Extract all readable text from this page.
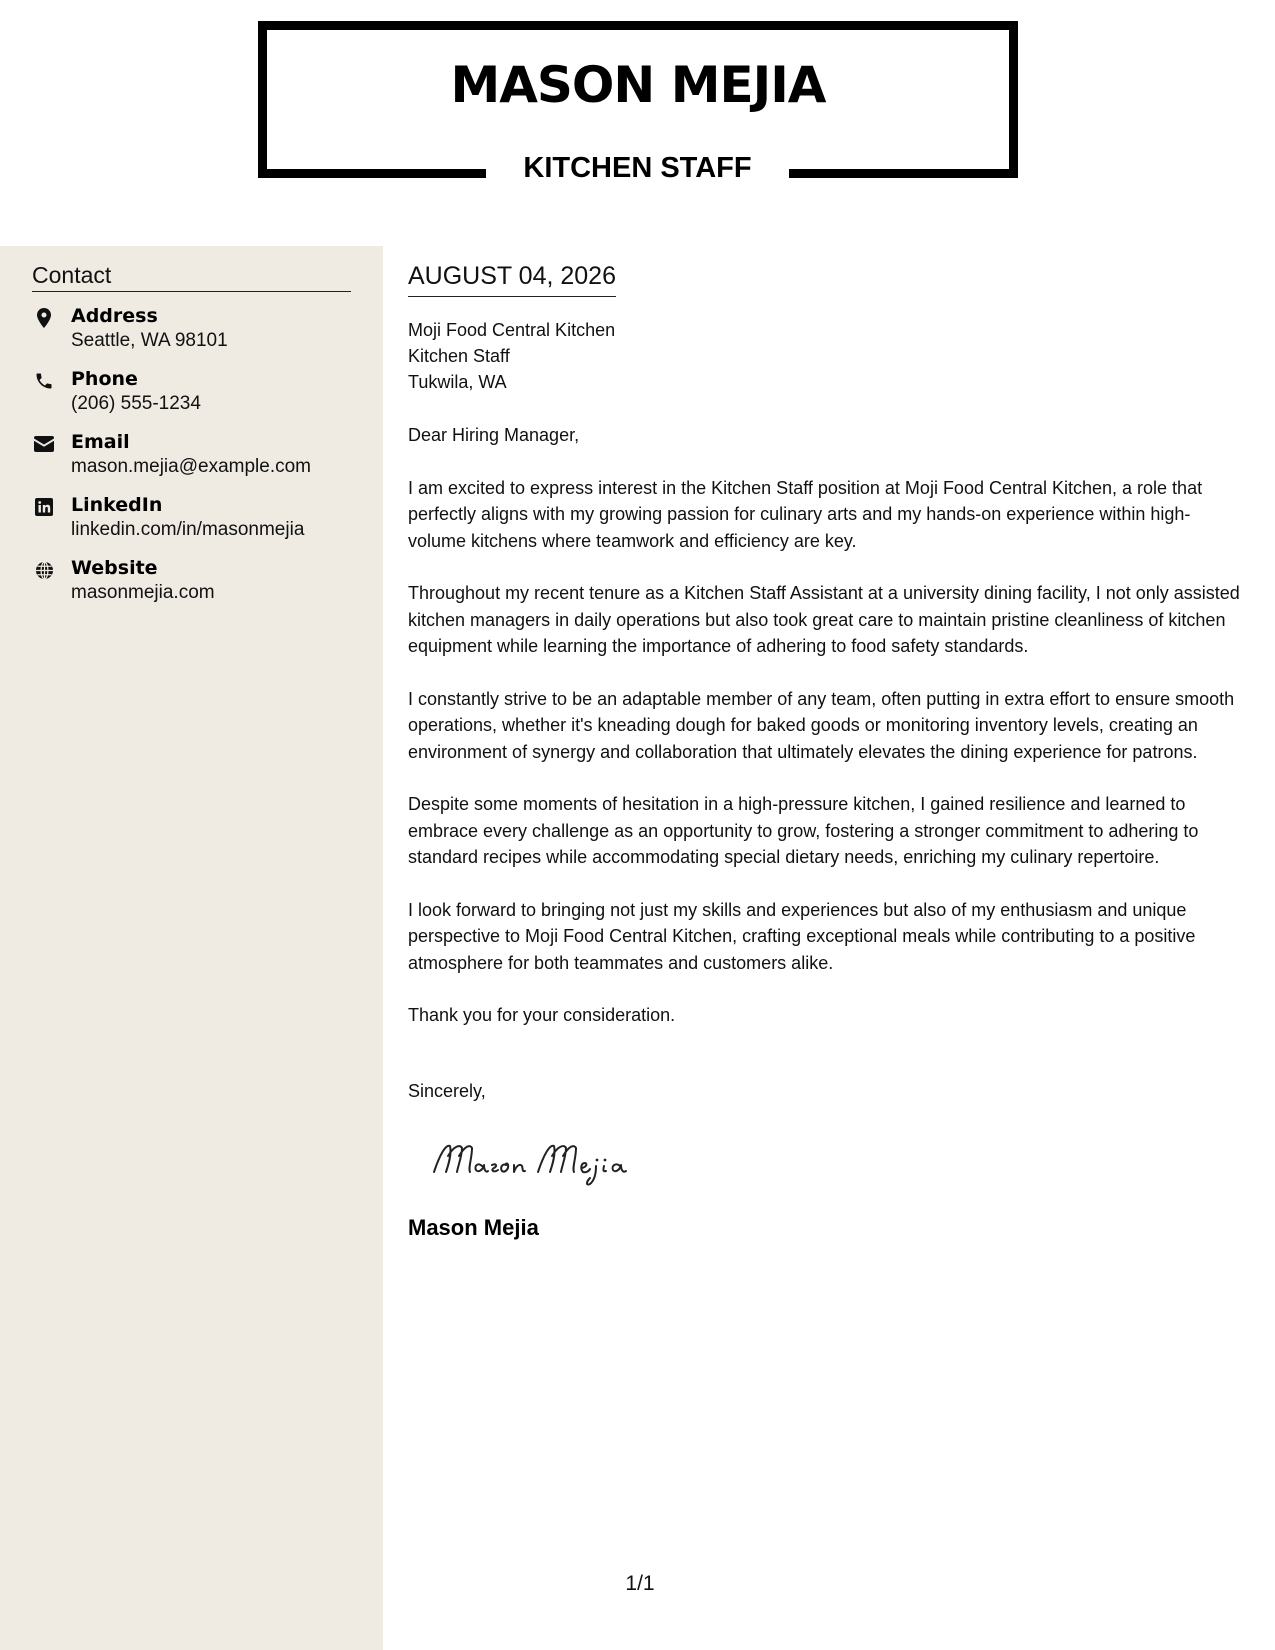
MASON MEJIA
KITCHEN STAFF
Contact
Address
Seattle, WA 98101
Phone
(206) 555-1234
Email
mason.mejia@example.com
LinkedIn
linkedin.com/in/masonmejia
Website
masonmejia.com
AUGUST 04, 2026
Moji Food Central Kitchen
Kitchen Staff
Tukwila, WA

Dear Hiring Manager,

I am excited to express interest in the Kitchen Staff position at Moji Food Central Kitchen, a role that perfectly aligns with my growing passion for culinary arts and my hands-on experience within high-volume kitchens where teamwork and efficiency are key.

Throughout my recent tenure as a Kitchen Staff Assistant at a university dining facility, I not only assisted kitchen managers in daily operations but also took great care to maintain pristine cleanliness of kitchen equipment while learning the importance of adhering to food safety standards.

I constantly strive to be an adaptable member of any team, often putting in extra effort to ensure smooth operations, whether it's kneading dough for baked goods or monitoring inventory levels, creating an environment of synergy and collaboration that ultimately elevates the dining experience for patrons.

Despite some moments of hesitation in a high-pressure kitchen, I gained resilience and learned to embrace every challenge as an opportunity to grow, fostering a stronger commitment to adhering to standard recipes while accommodating special dietary needs, enriching my culinary repertoire.

I look forward to bringing not just my skills and experiences but also of my enthusiasm and unique perspective to Moji Food Central Kitchen, crafting exceptional meals while contributing to a positive atmosphere for both teammates and customers alike.

Thank you for your consideration.

Sincerely,
Mason Mejia
1/1
